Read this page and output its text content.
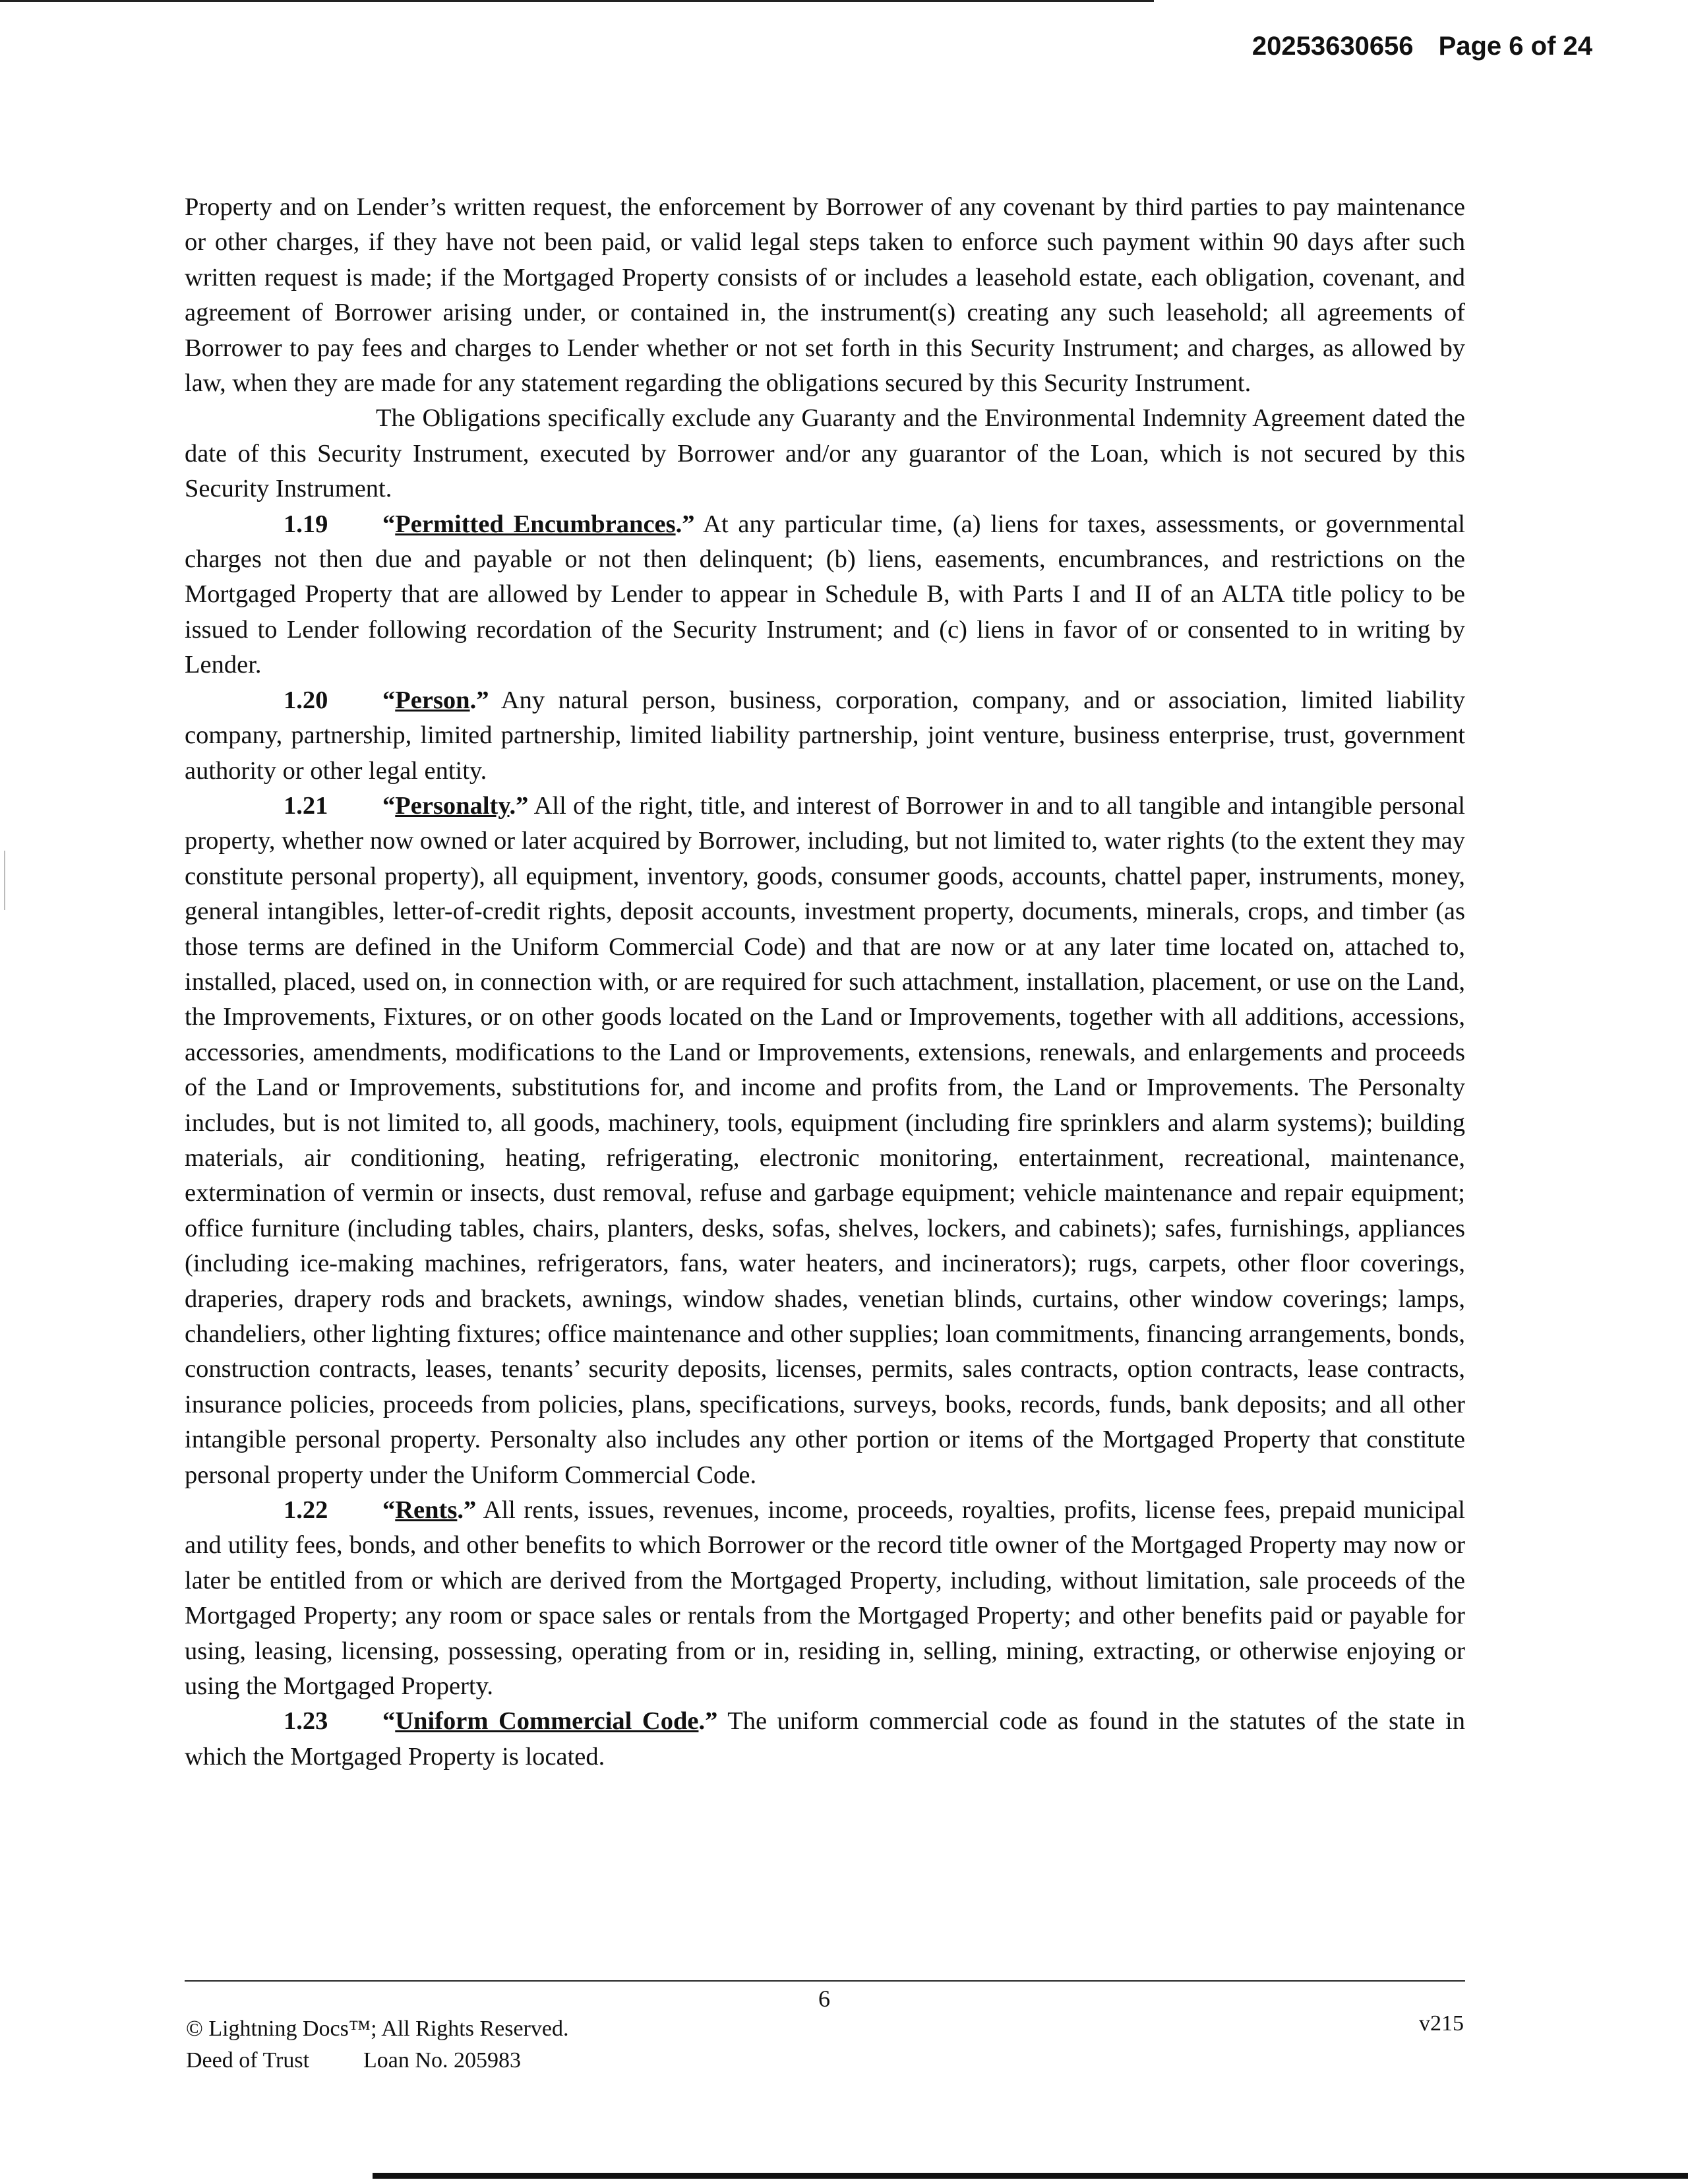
20253630656 Page 6 of 24

Property and on Lender’s written request, the enforcement by Borrower of any covenant by third parties to pay maintenance or other charges, if they have not been paid, or valid legal steps taken to enforce such payment within 90 days after such written request is made; if the Mortgaged Property consists of or includes a leasehold estate, each obligation, covenant, and agreement of Borrower arising under, or contained in, the instrument(s) creating any such leasehold; all agreements of Borrower to pay fees and charges to Lender whether or not set forth in this Security Instrument; and charges, as allowed by law, when they are made for any statement regarding the obligations secured by this Security Instrument.

The Obligations specifically exclude any Guaranty and the Environmental Indemnity Agreement dated the date of this Security Instrument, executed by Borrower and/or any guarantor of the Loan, which is not secured by this Security Instrument.

1.19 “Permitted Encumbrances.” At any particular time, (a) liens for taxes, assessments, or governmental charges not then due and payable or not then delinquent; (b) liens, easements, encumbrances, and restrictions on the Mortgaged Property that are allowed by Lender to appear in Schedule B, with Parts I and II of an ALTA title policy to be issued to Lender following recordation of the Security Instrument; and (c) liens in favor of or consented to in writing by Lender.

1.20 “Person.” Any natural person, business, corporation, company, and or association, limited liability company, partnership, limited partnership, limited liability partnership, joint venture, business enterprise, trust, government authority or other legal entity.

1.21 “Personalty.” All of the right, title, and interest of Borrower in and to all tangible and intangible personal property, whether now owned or later acquired by Borrower, including, but not limited to, water rights (to the extent they may constitute personal property), all equipment, inventory, goods, consumer goods, accounts, chattel paper, instruments, money, general intangibles, letter-of-credit rights, deposit accounts, investment property, documents, minerals, crops, and timber (as those terms are defined in the Uniform Commercial Code) and that are now or at any later time located on, attached to, installed, placed, used on, in connection with, or are required for such attachment, installation, placement, or use on the Land, the Improvements, Fixtures, or on other goods located on the Land or Improvements, together with all additions, accessions, accessories, amendments, modifications to the Land or Improvements, extensions, renewals, and enlargements and proceeds of the Land or Improvements, substitutions for, and income and profits from, the Land or Improvements. The Personalty includes, but is not limited to, all goods, machinery, tools, equipment (including fire sprinklers and alarm systems); building materials, air conditioning, heating, refrigerating, electronic monitoring, entertainment, recreational, maintenance, extermination of vermin or insects, dust removal, refuse and garbage equipment; vehicle maintenance and repair equipment; office furniture (including tables, chairs, planters, desks, sofas, shelves, lockers, and cabinets); safes, furnishings, appliances (including ice-making machines, refrigerators, fans, water heaters, and incinerators); rugs, carpets, other floor coverings, draperies, drapery rods and brackets, awnings, window shades, venetian blinds, curtains, other window coverings; lamps, chandeliers, other lighting fixtures; office maintenance and other supplies; loan commitments, financing arrangements, bonds, construction contracts, leases, tenants’ security deposits, licenses, permits, sales contracts, option contracts, lease contracts, insurance policies, proceeds from policies, plans, specifications, surveys, books, records, funds, bank deposits; and all other intangible personal property. Personalty also includes any other portion or items of the Mortgaged Property that constitute personal property under the Uniform Commercial Code.

1.22 “Rents.” All rents, issues, revenues, income, proceeds, royalties, profits, license fees, prepaid municipal and utility fees, bonds, and other benefits to which Borrower or the record title owner of the Mortgaged Property may now or later be entitled from or which are derived from the Mortgaged Property, including, without limitation, sale proceeds of the Mortgaged Property; any room or space sales or rentals from the Mortgaged Property; and other benefits paid or payable for using, leasing, licensing, possessing, operating from or in, residing in, selling, mining, extracting, or otherwise enjoying or using the Mortgaged Property.

1.23 “Uniform Commercial Code.” The uniform commercial code as found in the statutes of the state in which the Mortgaged Property is located.

6
© Lightning Docs™; All Rights Reserved.
Deed of Trust Loan No. 205983
v215
